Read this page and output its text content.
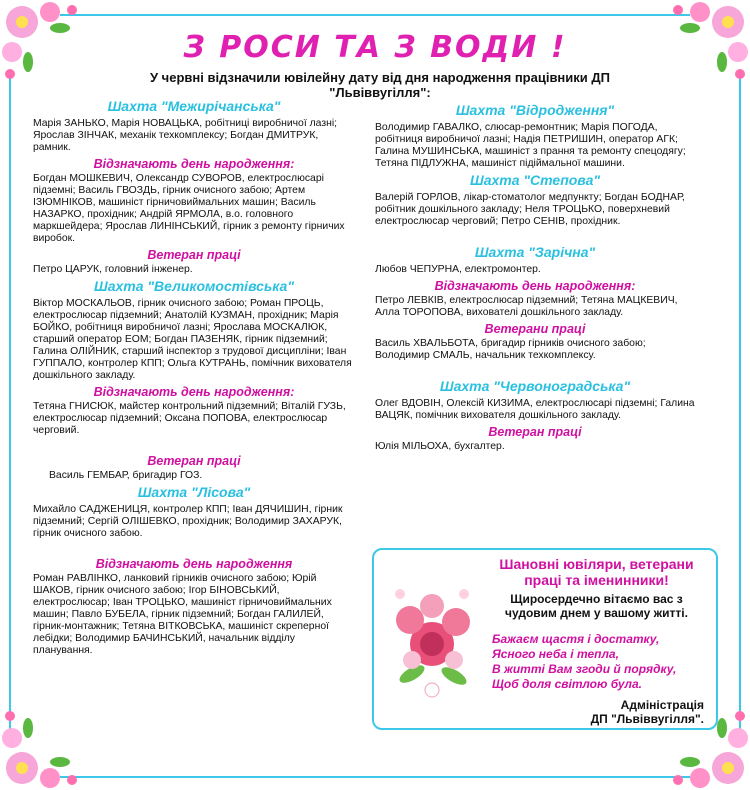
З РОСИ ТА З ВОДИ !
У червні відзначили ювілейну дату від дня народження працівники ДП "Львіввугілля":
Шахта "Межирічанська"
Марія ЗАНЬКО, Марія НОВАЦЬКА, робітниці виробничої лазні; Ярослав ЗІНЧАК, механік техкомплексу; Богдан ДМИТРУК, рамник.
Відзначають день народження:
Богдан МОШКЕВИЧ, Олександр СУВОРОВ, електрослюсарі підземні; Василь ГВОЗДЬ, гірник очисного забою; Артем ІЗЮМНІКОВ, машиніст гірничовиймальних машин; Василь НАЗАРКО, прохідник; Андрій ЯРМОЛА, в.о. головного маркшейдера; Ярослав ЛИНІНСЬКИЙ, гірник з ремонту гірничих виробок.
Ветеран праці
Петро ЦАРУК, головний інженер.
Шахта "Великомостівська"
Віктор МОСКАЛЬОВ, гірник очисного забою; Роман ПРОЦЬ, електрослюсар підземний; Анатолій КУЗМАН, прохідник; Марія БОЙКО, робітниця виробничої лазні; Ярослава МОСКАЛЮК, старший оператор ЕОМ; Богдан ПАЗЕНЯК, гірник підземний; Галина ОЛІЙНИК, старший інспектор з трудової дисципліни; Іван ГУППАЛО, контролер КПП; Ольга КУТРАНЬ, помічник вихователя дошкільного закладу.
Відзначають день народження:
Тетяна ГНИСЮК, майстер контрольний підземний; Віталій ГУЗЬ, електрослюсар підземний; Оксана ПОПОВА, електрослюсар черговий.
Ветеран праці
Василь ГЕМБАР, бригадир ГОЗ.
Шахта "Лісова"
Михайло САДЖЕНИЦЯ, контролер КПП; Іван ДЯЧИШИН, гірник підземний; Сергій ОЛІШЕВКО, прохідник; Володимир ЗАХАРУК, гірник очисного забою.
Відзначають день народження
Роман РАВЛІНКО, ланковий гірників очисного забою; Юрій ШАКОВ, гірник очисного забою; Ігор БІНОВСЬКИЙ, електрослюсар; Іван ТРОЦЬКО, машиніст гірничовиймальних машин; Павло БУБЕЛА, гірник підземний; Богдан ГАЛИЛЕЙ, гірник-монтажник; Тетяна ВІТКОВСЬКА, машиніст скреперної лебідки; Володимир БАЧИНСЬКИЙ, начальник відділу планування.
Шахта "Відродження"
Володимир ГАВАЛКО, слюсар-ремонтник; Марія ПОГОДА, робітниця виробничої лазні; Надія ПЕТРИШИН, оператор АГК; Галина МУШИНСЬКА, машиніст з прання та ремонту спецодягу; Тетяна ПІДЛУЖНА, машиніст підіймальної машини.
Шахта "Степова"
Валерій ГОРЛОВ, лікар-стоматолог медпункту; Богдан БОДНАР, робітник дошкільного закладу; Неля ТРОЦЬКО, поверхневий електрослюсар черговий; Петро СЕНІВ, прохідник.
Шахта "Зарічна"
Любов ЧЕПУРНА, електромонтер.
Відзначають день народження:
Петро ЛЕВКІВ, електрослюсар підземний; Тетяна МАЦКЕВИЧ, Алла ТОРОПОВА, вихователі дошкільного закладу.
Ветерани праці
Василь ХВАЛЬБОТА, бригадир гірників очисного забою; Володимир СМАЛЬ, начальник техкомплексу.
Шахта "Червоноградська"
Олег ВДОВІН, Олексій КИЗИМА, електрослюсарі підземні; Галина ВАЦЯК, помічник вихователя дошкільного закладу.
Ветеран праці
Юлія МІЛЬОХА, бухгалтер.
Шановні ювіляри, ветерани праці та іменинники!
Щиросердечно вітаємо вас з чудовим днем у вашому житті.
Бажаєм щастя і достатку,
Ясного неба і тепла,
В житті Вам згоди й порядку,
Щоб доля світлою була.
Адміністрація
ДП "Львіввугілля".
